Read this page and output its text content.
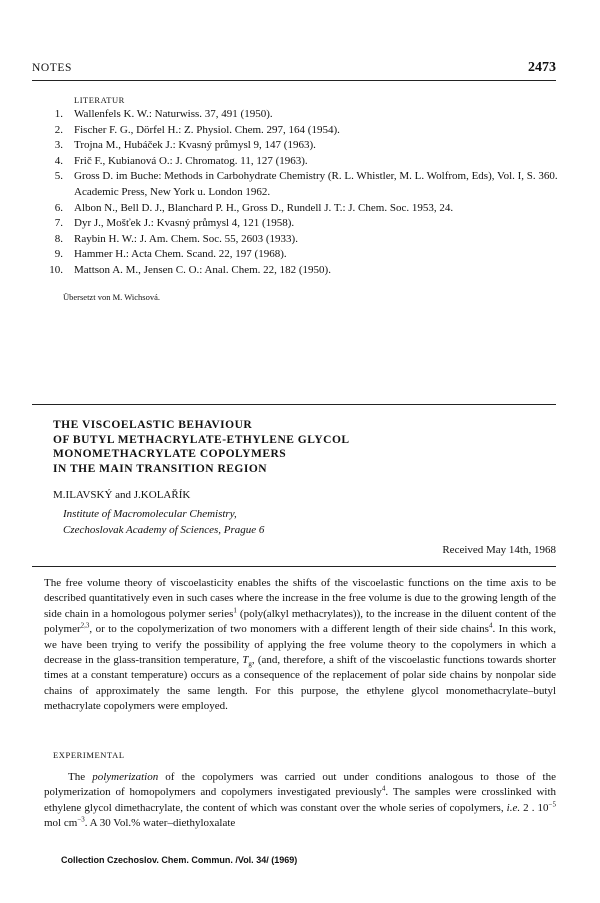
NOTES	2473
LITERATUR
1. Wallenfels K. W.: Naturwiss. 37, 491 (1950).
2. Fischer F. G., Dörfel H.: Z. Physiol. Chem. 297, 164 (1954).
3. Trojna M., Hubáček J.: Kvasný průmysl 9, 147 (1963).
4. Frič F., Kubianová O.: J. Chromatog. 11, 127 (1963).
5. Gross D. im Buche: Methods in Carbohydrate Chemistry (R. L. Whistler, M. L. Wolfrom, Eds), Vol. I, S. 360. Academic Press, New York u. London 1962.
6. Albon N., Bell D. J., Blanchard P. H., Gross D., Rundell J. T.: J. Chem. Soc. 1953, 24.
7. Dyr J., Mošťek J.: Kvasný průmysl 4, 121 (1958).
8. Raybin H. W.: J. Am. Chem. Soc. 55, 2603 (1933).
9. Hammer H.: Acta Chem. Scand. 22, 197 (1968).
10. Mattson A. M., Jensen C. O.: Anal. Chem. 22, 182 (1950).
Übersetzt von M. Wichsová.
THE VISCOELASTIC BEHAVIOUR
OF BUTYL METHACRYLATE-ETHYLENE GLYCOL
MONOMETHACRYLATE COPOLYMERS
IN THE MAIN TRANSITION REGION
M.ILAVSKÝ and J.KOLAŘÍK
Institute of Macromolecular Chemistry,
Czechoslovak Academy of Sciences, Prague 6
Received May 14th, 1968

The free volume theory of viscoelasticity enables the shifts of the viscoelastic functions on the time axis to be described quantitatively even in such cases where the increase in the free volume is due to the growing length of the side chain in a homologous polymer series$^1$ (poly(alkyl methacrylates)), to the increase in the diluent content of the polymer$^{2,3}$, or to the copolymerization of two monomers with a different length of their side chains$^4$. In this work, we have been trying to verify the possibility of applying the free volume theory to the copolymers in which a decrease in the glass-transition temperature, $T_g$, (and, therefore, a shift of the viscoelastic functions towards shorter times at a constant temperature) occurs as a consequence of the replacement of polar side chains by nonpolar side chains of approximately the same length. For this purpose, the ethylene glycol monomethacrylate–butyl methacrylate copolymers were employed.

EXPERIMENTAL

The polymerization of the copolymers was carried out under conditions analogous to those of the polymerization of homopolymers and copolymers investigated previously$^4$. The samples were crosslinked with ethylene glycol dimethacrylate, the content of which was constant over the whole series of copolymers, i.e. 2 . $10^{-5}$ mol $cm^{-3}$. A 30 Vol.% water–diethyloxalate

Collection Czechoslov. Chem. Commun. /Vol. 34/ (1969)
